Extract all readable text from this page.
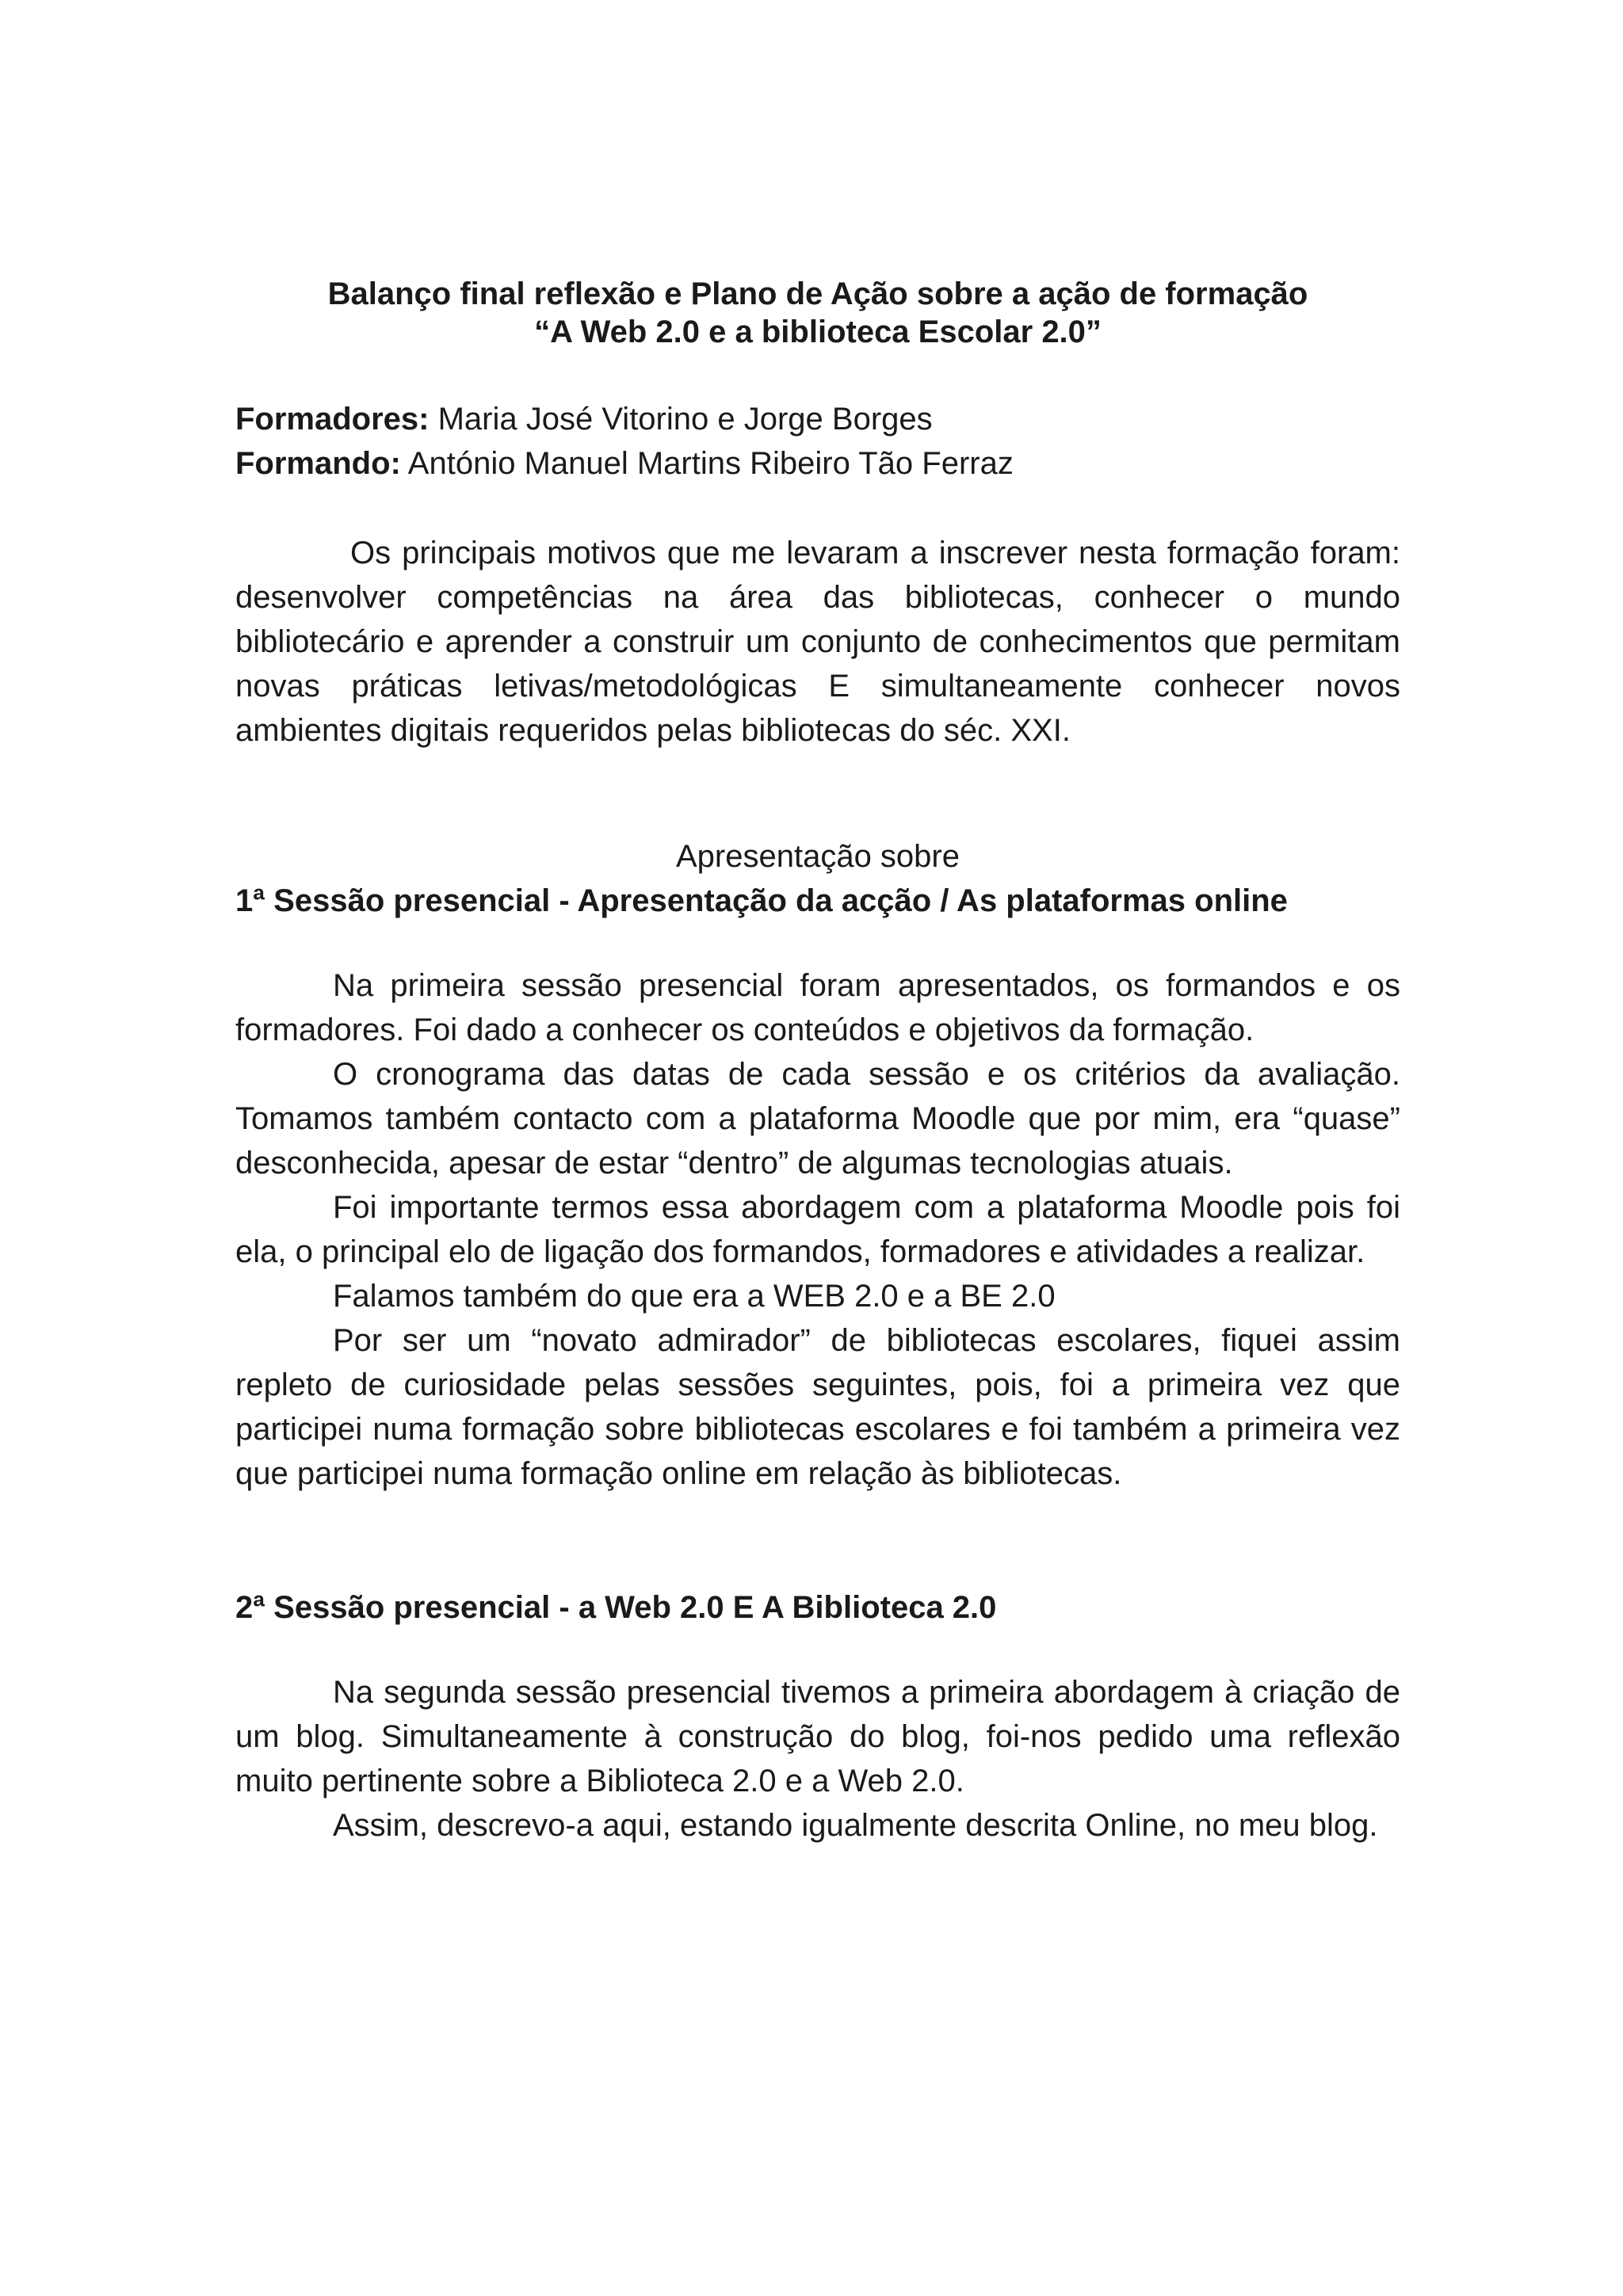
Balanço final reflexão e Plano de Ação sobre a ação de formação
“A Web 2.0 e a biblioteca Escolar 2.0”
Formadores: Maria José Vitorino e Jorge Borges
Formando: António Manuel Martins Ribeiro Tão Ferraz

Os principais motivos que me levaram a inscrever nesta formação foram: desenvolver competências na área das bibliotecas, conhecer o mundo bibliotecário e aprender a construir um conjunto de conhecimentos que permitam novas práticas letivas/metodológicas E simultaneamente conhecer novos ambientes digitais requeridos pelas bibliotecas do séc. XXI.

Apresentação sobre
1ª Sessão presencial - Apresentação da acção / As plataformas online

Na primeira sessão presencial foram apresentados, os formandos e os formadores. Foi dado a conhecer os conteúdos e objetivos da formação.

O cronograma das datas de cada sessão e os critérios da avaliação. Tomamos também contacto com a plataforma Moodle que por mim, era “quase” desconhecida, apesar de estar “dentro” de algumas tecnologias atuais.

Foi importante termos essa abordagem com a plataforma Moodle pois foi ela, o principal elo de ligação dos formandos, formadores e atividades a realizar.

Falamos também do que era a WEB 2.0 e a BE 2.0

Por ser um “novato admirador” de bibliotecas escolares, fiquei assim repleto de curiosidade pelas sessões seguintes, pois, foi a primeira vez que participei numa formação sobre bibliotecas escolares e foi também a primeira vez que participei numa formação online em relação às bibliotecas.

2ª Sessão presencial - a Web 2.0 E A Biblioteca 2.0

Na segunda sessão presencial tivemos a primeira abordagem à criação de um blog. Simultaneamente à construção do blog, foi-nos pedido uma reflexão muito pertinente sobre a Biblioteca 2.0 e a Web 2.0.

Assim, descrevo-a aqui, estando igualmente descrita Online, no meu blog.
